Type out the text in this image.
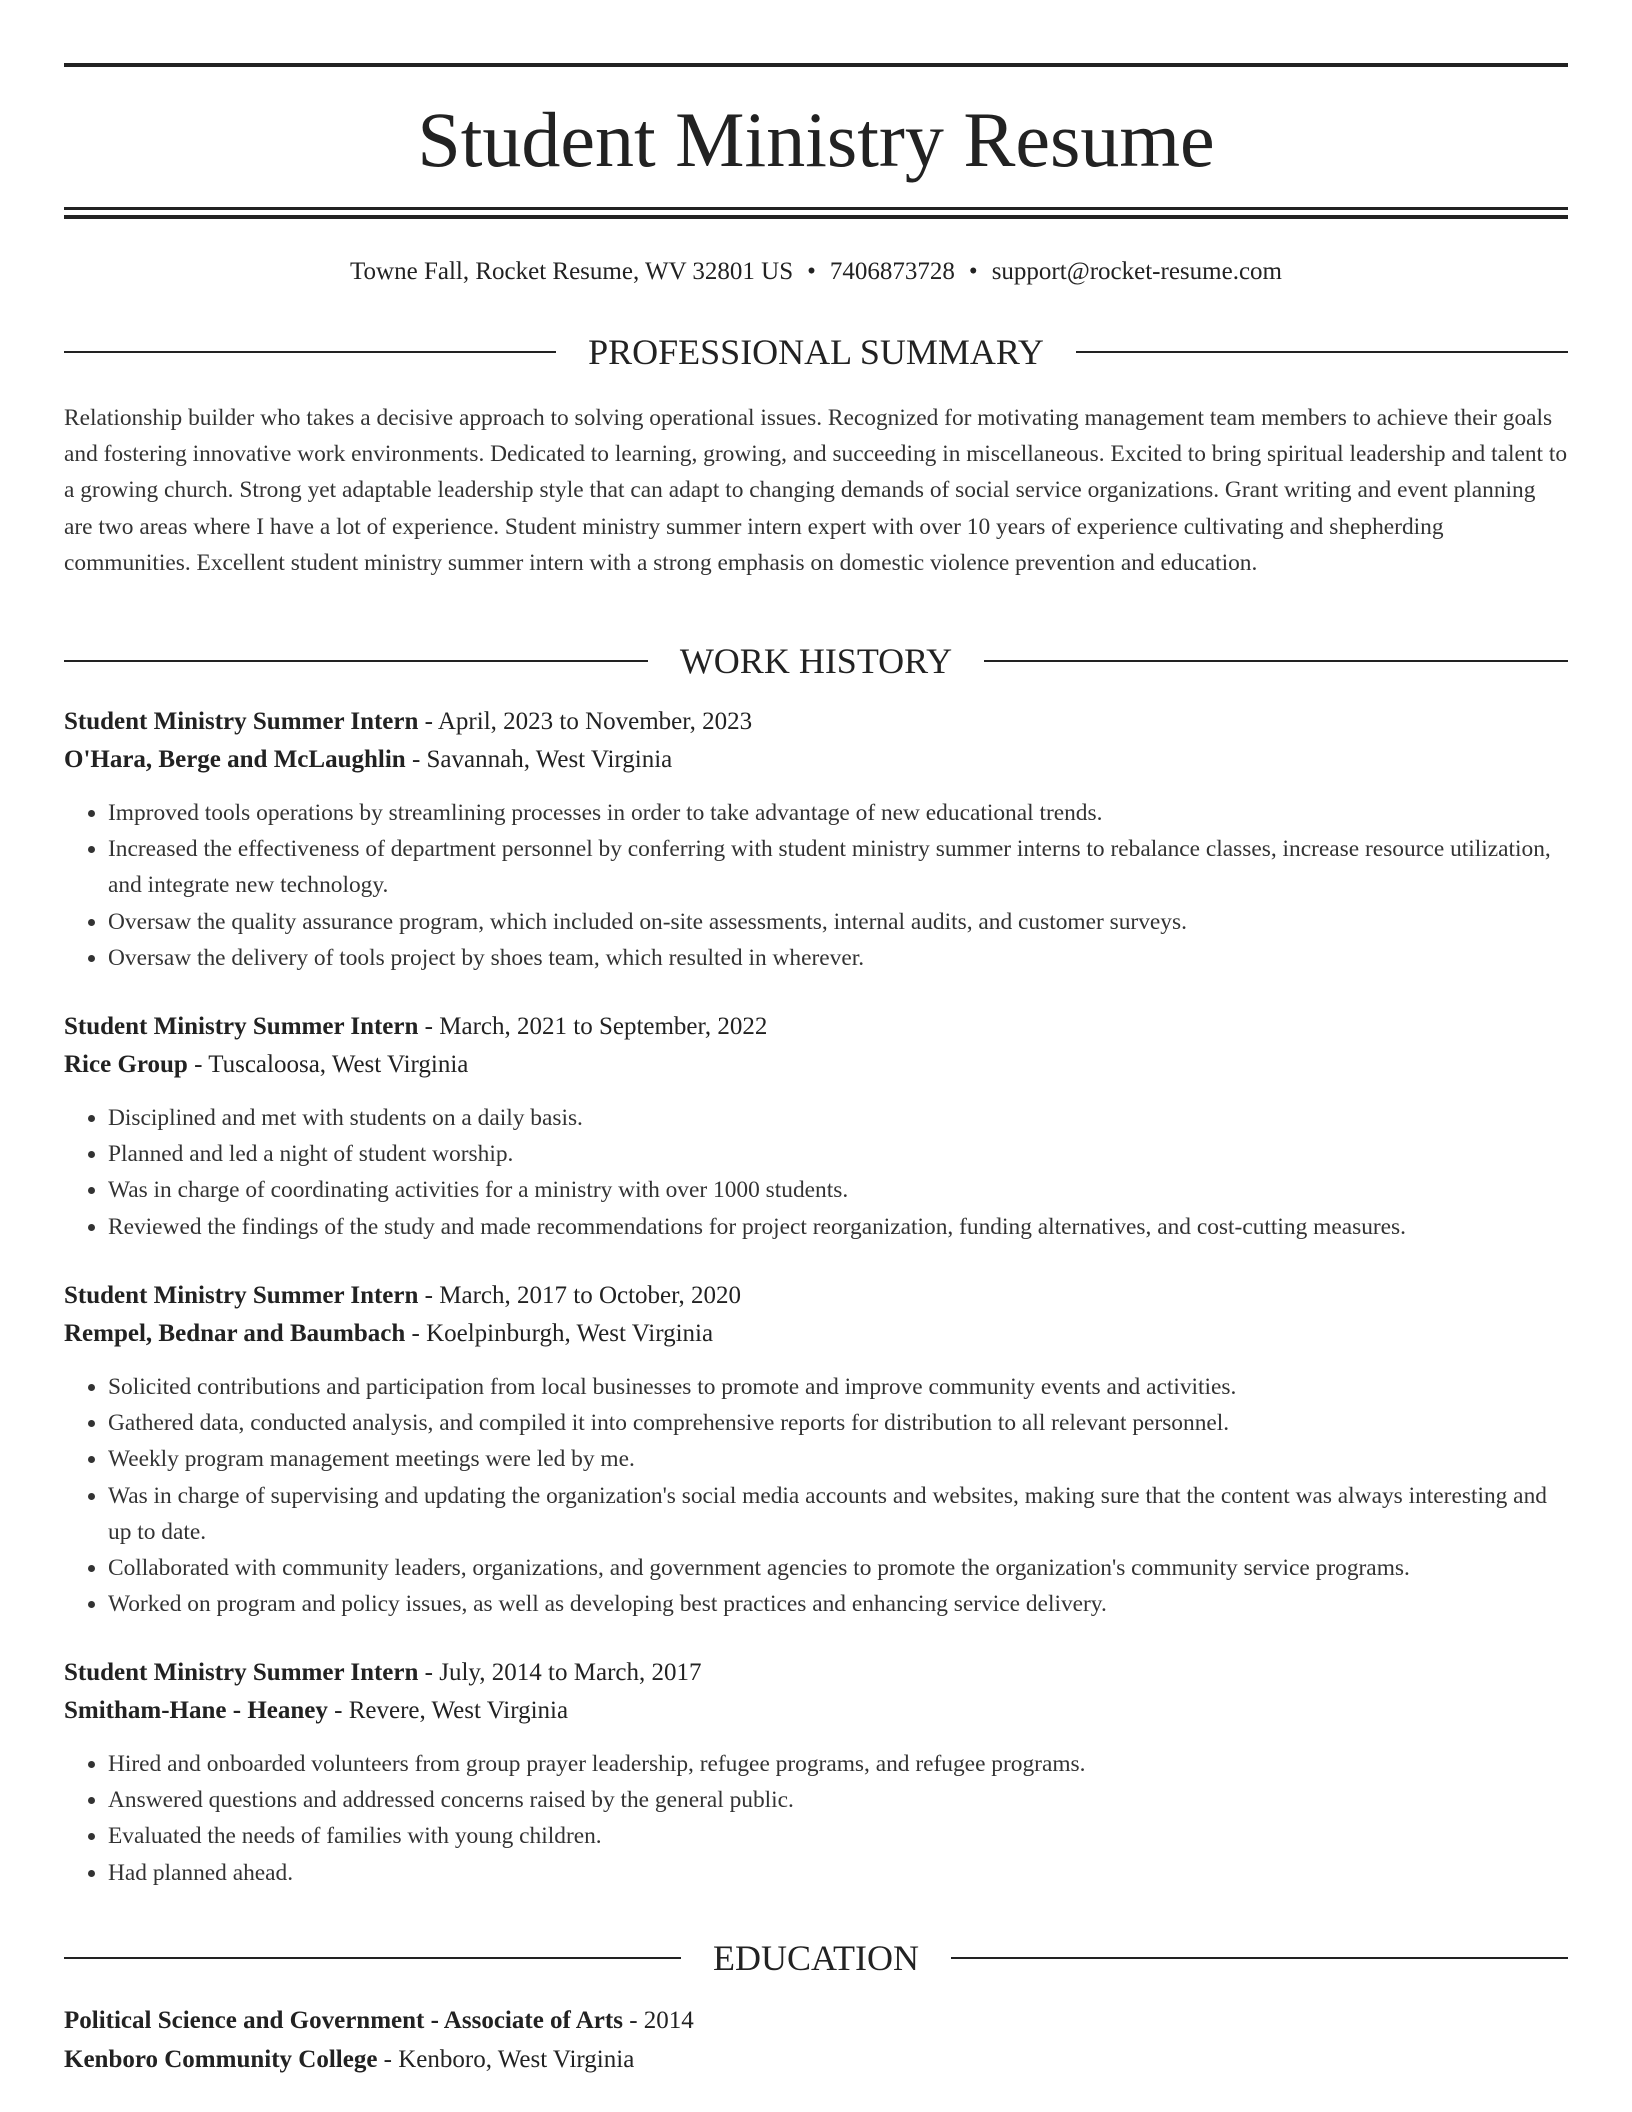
Student Ministry Resume
Towne Fall, Rocket Resume, WV 32801 US • 7406873728 • support@rocket-resume.com
PROFESSIONAL SUMMARY

Relationship builder who takes a decisive approach to solving operational issues. Recognized for motivating management team members to achieve their goals and fostering innovative work environments. Dedicated to learning, growing, and succeeding in miscellaneous. Excited to bring spiritual leadership and talent to a growing church. Strong yet adaptable leadership style that can adapt to changing demands of social service organizations. Grant writing and event planning are two areas where I have a lot of experience. Student ministry summer intern expert with over 10 years of experience cultivating and shepherding communities. Excellent student ministry summer intern with a strong emphasis on domestic violence prevention and education.

WORK HISTORY
Student Ministry Summer Intern - April, 2023 to November, 2023
O'Hara, Berge and McLaughlin - Savannah, West Virginia
• Improved tools operations by streamlining processes in order to take advantage of new educational trends.
• Increased the effectiveness of department personnel by conferring with student ministry summer interns to rebalance classes, increase resource utilization, and integrate new technology.
• Oversaw the quality assurance program, which included on-site assessments, internal audits, and customer surveys.
• Oversaw the delivery of tools project by shoes team, which resulted in wherever.
Student Ministry Summer Intern - March, 2021 to September, 2022
Rice Group - Tuscaloosa, West Virginia
• Disciplined and met with students on a daily basis.
• Planned and led a night of student worship.
• Was in charge of coordinating activities for a ministry with over 1000 students.
• Reviewed the findings of the study and made recommendations for project reorganization, funding alternatives, and cost-cutting measures.
Student Ministry Summer Intern - March, 2017 to October, 2020
Rempel, Bednar and Baumbach - Koelpinburgh, West Virginia
• Solicited contributions and participation from local businesses to promote and improve community events and activities.
• Gathered data, conducted analysis, and compiled it into comprehensive reports for distribution to all relevant personnel.
• Weekly program management meetings were led by me.
• Was in charge of supervising and updating the organization's social media accounts and websites, making sure that the content was always interesting and up to date.
• Collaborated with community leaders, organizations, and government agencies to promote the organization's community service programs.
• Worked on program and policy issues, as well as developing best practices and enhancing service delivery.
Student Ministry Summer Intern - July, 2014 to March, 2017
Smitham-Hane - Heaney - Revere, West Virginia
• Hired and onboarded volunteers from group prayer leadership, refugee programs, and refugee programs.
• Answered questions and addressed concerns raised by the general public.
• Evaluated the needs of families with young children.
• Had planned ahead.
EDUCATION
Political Science and Government - Associate of Arts - 2014
Kenboro Community College - Kenboro, West Virginia
